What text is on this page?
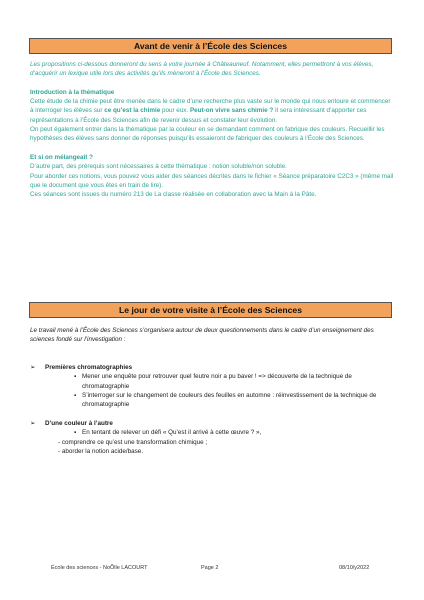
Avant de venir à l’École des Sciences

Les propositions ci-dessous donneront du sens à votre journée à Châteauneuf. Notamment, elles permettront à vos élèves, d’acquérir un lexique utile lors des activités qu’ils mèneront à l’École des Sciences.

Introduction à la thématique

Cette étude de la chimie peut être menée dans le cadre d’une recherche plus vaste sur le monde qui nous entoure et commencer à interroger les élèves sur ce qu’est la chimie pour eux. Peut-on vivre sans chimie ? Il sera intéressant d’apporter ces représentations à l’École des Sciences afin de revenir dessus et constater leur évolution.

On peut également entrer dans la thématique par la couleur en se demandant comment on fabrique des couleurs. Recueillir les hypothèses des élèves sans donner de réponses puisqu’ils essaieront de fabriquer des couleurs à l’École des Sciences.

Et si on mélangeait ?

D’autre part, des prérequis sont nécessaires à cette thématique : notion soluble/non soluble.

Pour aborder ces notions, vous pouvez vous aider des séances décrites dans le fichier « Séance préparatoire C2C3 » (même mail que le document que vous êtes en train de lire).

Ces séances sont issues du numéro 213 de La classe réalisée en collaboration avec la Main à la Pâte.

Le jour de votre visite à l’École des Sciences

Le travail mené à l’École des Sciences s’organisera autour de deux questionnements dans le cadre d’un enseignement des sciences fondé sur l’investigation :

➢ Premières chromatographies

▪ Mener une enquête pour retrouver quel feutre noir a pu baver ! => découverte de la technique de chromatographie

▪ S’interroger sur le changement de couleurs des feuilles en automne : réinvestissement de la technique de chromatographie

➢ D’une couleur à l’autre

▪ En tentant de relever un défi « Qu’est il arrivé à cette œuvre ? »,

- comprendre ce qu’est une transformation chimique ;

- aborder la notion acide/base.

École des sciences - NoÕlle LACOURT	Page 2	08/10/y2022
